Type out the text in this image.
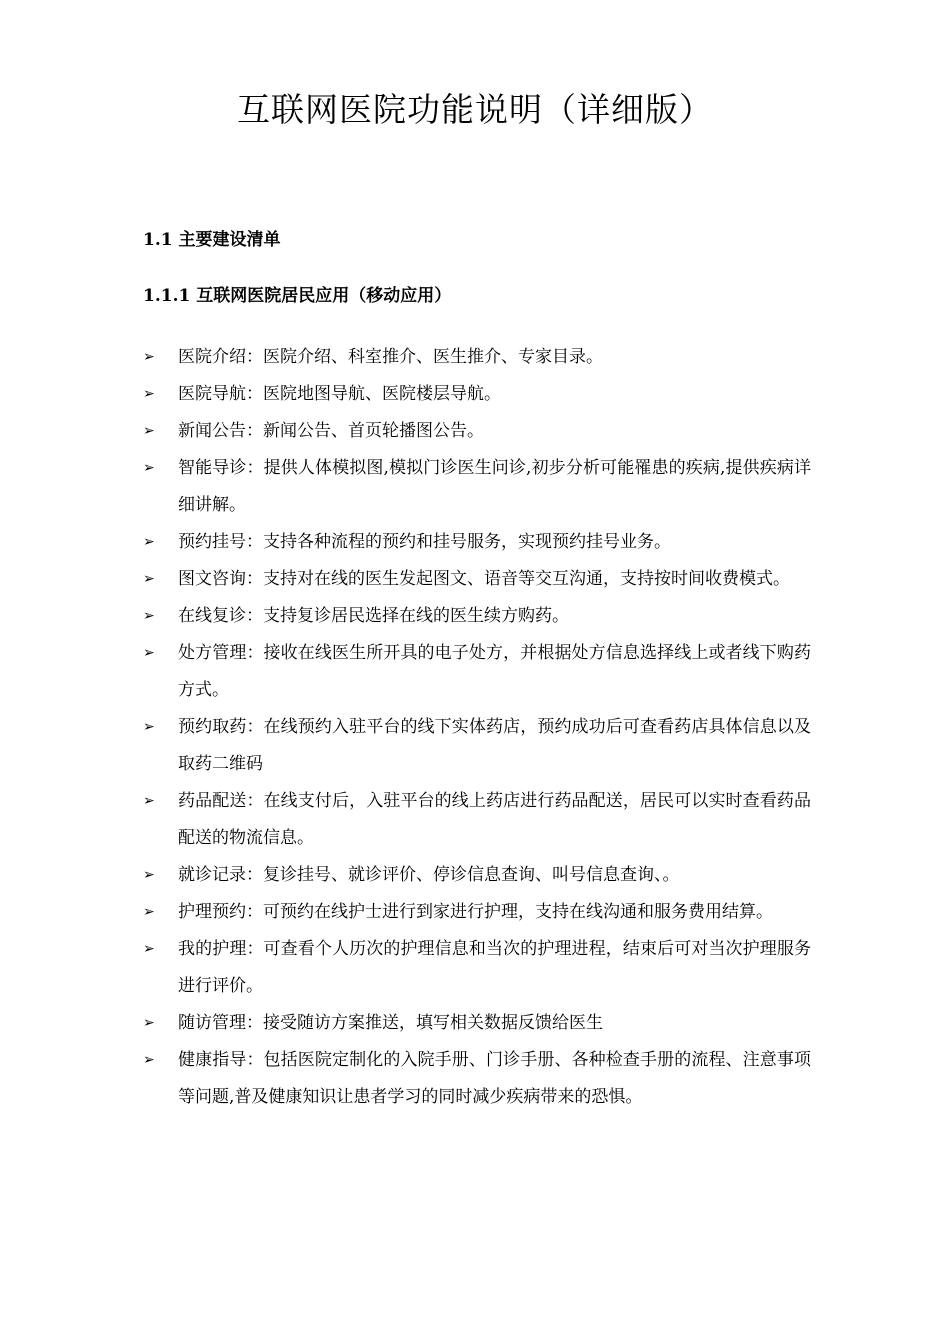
互联网医院功能说明（详细版）
1.1 主要建设清单
1.1.1 互联网医院居民应用（移动应用）
➢	医院介绍：医院介绍、科室推介、医生推介、专家目录。
➢	医院导航：医院地图导航、医院楼层导航。
➢	新闻公告：新闻公告、首页轮播图公告。
➢	智能导诊：提供人体模拟图,模拟门诊医生问诊,初步分析可能罹患的疾病,提供疾病详细讲解。
➢	预约挂号：支持各种流程的预约和挂号服务，实现预约挂号业务。
➢	图文咨询：支持对在线的医生发起图文、语音等交互沟通，支持按时间收费模式。
➢	在线复诊：支持复诊居民选择在线的医生续方购药。
➢	处方管理：接收在线医生所开具的电子处方，并根据处方信息选择线上或者线下购药方式。
➢	预约取药：在线预约入驻平台的线下实体药店，预约成功后可查看药店具体信息以及取药二维码
➢	药品配送：在线支付后，入驻平台的线上药店进行药品配送，居民可以实时查看药品配送的物流信息。
➢	就诊记录：复诊挂号、就诊评价、停诊信息查询、叫号信息查询、。
➢	护理预约：可预约在线护士进行到家进行护理，支持在线沟通和服务费用结算。
➢	我的护理：可查看个人历次的护理信息和当次的护理进程，结束后可对当次护理服务进行评价。
➢	随访管理：接受随访方案推送，填写相关数据反馈给医生
➢	健康指导：包括医院定制化的入院手册、门诊手册、各种检查手册的流程、注意事项等问题,普及健康知识让患者学习的同时减少疾病带来的恐惧。
